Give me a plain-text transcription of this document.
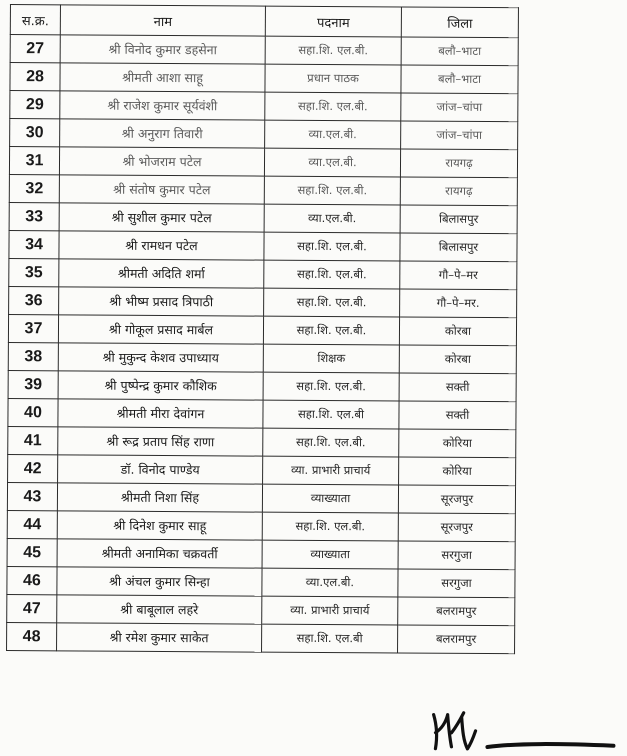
स.क्र.	नाम	पदनाम	जिला
27	श्री विनोद कुमार डहसेना	सहा.शि. एल.बी.	बलौ–भाटा
28	श्रीमती आशा साहू	प्रधान पाठक	बलौ–भाटा
29	श्री राजेश कुमार सूर्यवंशी	सहा.शि. एल.बी.	जांज–चांपा
30	श्री अनुराग तिवारी	व्या.एल.बी.	जांज–चांपा
31	श्री भोजराम पटेल	व्या.एल.बी.	रायगढ़
32	श्री संतोष कुमार पटेल	सहा.शि. एल.बी.	रायगढ़
33	श्री सुशील कुमार पटेल	व्या.एल.बी.	बिलासपुर
34	श्री रामधन पटेल	सहा.शि. एल.बी.	बिलासपुर
35	श्रीमती अदिति शर्मा	सहा.शि. एल.बी.	गौ–पे–मर
36	श्री भीष्म प्रसाद त्रिपाठी	सहा.शि. एल.बी.	गौ–पे–मर.
37	श्री गोकूल प्रसाद मार्बल	सहा.शि. एल.बी.	कोरबा
38	श्री मुकुन्द केशव उपाध्याय	शिक्षक	कोरबा
39	श्री पुष्पेन्द्र कुमार कौशिक	सहा.शि. एल.बी.	सक्ती
40	श्रीमती मीरा देवांगन	सहा.शि. एल.बी	सक्ती
41	श्री रूद्र प्रताप सिंह राणा	सहा.शि. एल.बी.	कोरिया
42	डॉ. विनोद पाण्डेय	व्या. प्राभारी प्राचार्य	कोरिया
43	श्रीमती निशा सिंह	व्याख्याता	सूरजपुर
44	श्री दिनेश कुमार साहू	सहा.शि. एल.बी.	सूरजपुर
45	श्रीमती अनामिका चक्रवर्ती	व्याख्याता	सरगुजा
46	श्री अंचल कुमार सिन्हा	व्या.एल.बी.	सरगुजा
47	श्री बाबूलाल लहरे	व्या. प्राभारी प्राचार्य	बलरामपुर
48	श्री रमेश कुमार साकेत	सहा.शि. एल.बी	बलरामपुर
